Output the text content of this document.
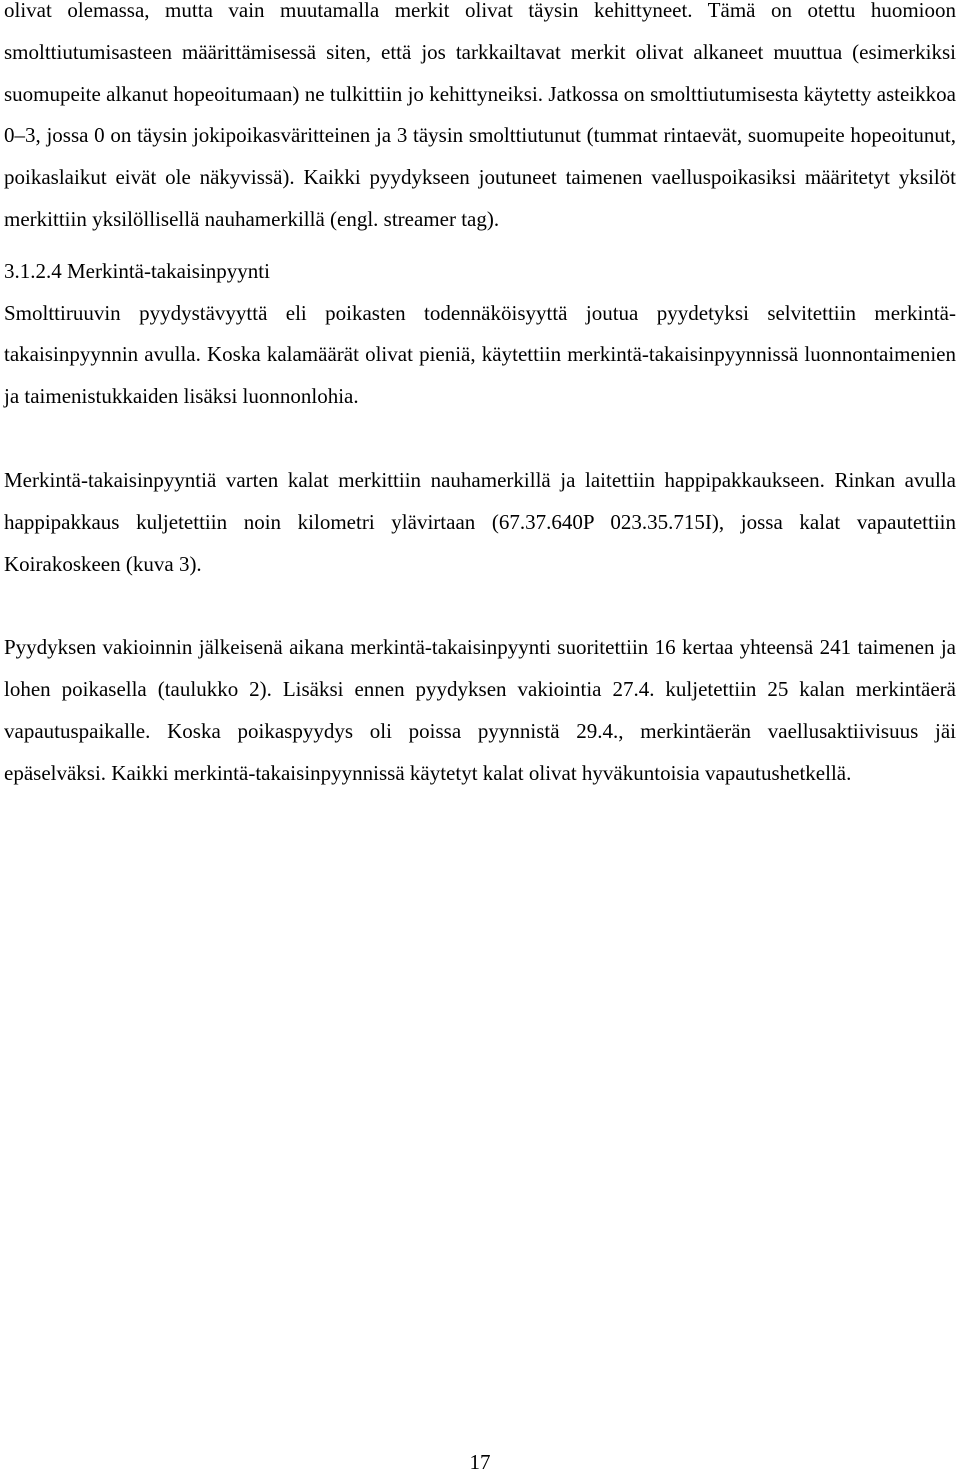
olivat olemassa, mutta vain muutamalla merkit olivat täysin kehittyneet. Tämä on otettu huomioon smolttiutumisasteen määrittämisessä siten, että jos tarkkailtavat merkit olivat alkaneet muuttua (esimerkiksi suomupeite alkanut hopeoitumaan) ne tulkittiin jo kehittyneiksi. Jatkossa on smolttiutumisesta käytetty asteikkoa 0–3, jossa 0 on täysin jokipoikasväritteinen ja 3 täysin smolttiutunut (tummat rintaevät, suomupeite hopeoitunut, poikaslaikut eivät ole näkyvissä). Kaikki pyydykseen joutuneet taimenen vaelluspoikasiksi määritetyt yksilöt merkittiin yksilöllisellä nauhamerkillä (engl. streamer tag).

3.1.2.4 Merkintä-takaisinpyynti

Smolttiruuvin pyydystävyyttä eli poikasten todennäköisyyttä joutua pyydetyksi selvitettiin merkintä-takaisinpyynnin avulla. Koska kalamäärät olivat pieniä, käytettiin merkintä-takaisinpyynnissä luonnontaimenien ja taimenistukkaiden lisäksi luonnonlohia.

Merkintä-takaisinpyyntiä varten kalat merkittiin nauhamerkillä ja laitettiin happipakkaukseen. Rinkan avulla happipakkaus kuljetettiin noin kilometri ylävirtaan (67.37.640P 023.35.715I), jossa kalat vapautettiin Koirakoskeen (kuva 3).

Pyydyksen vakioinnin jälkeisenä aikana merkintä-takaisinpyynti suoritettiin 16 kertaa yhteensä 241 taimenen ja lohen poikasella (taulukko 2). Lisäksi ennen pyydyksen vakiointia 27.4. kuljetettiin 25 kalan merkintäerä vapautuspaikalle. Koska poikaspyydys oli poissa pyynnistä 29.4., merkintäerän vaellusaktiivisuus jäi epäselväksi. Kaikki merkintä-takaisinpyynnissä käytetyt kalat olivat hyväkuntoisia vapautushetkellä.

17
